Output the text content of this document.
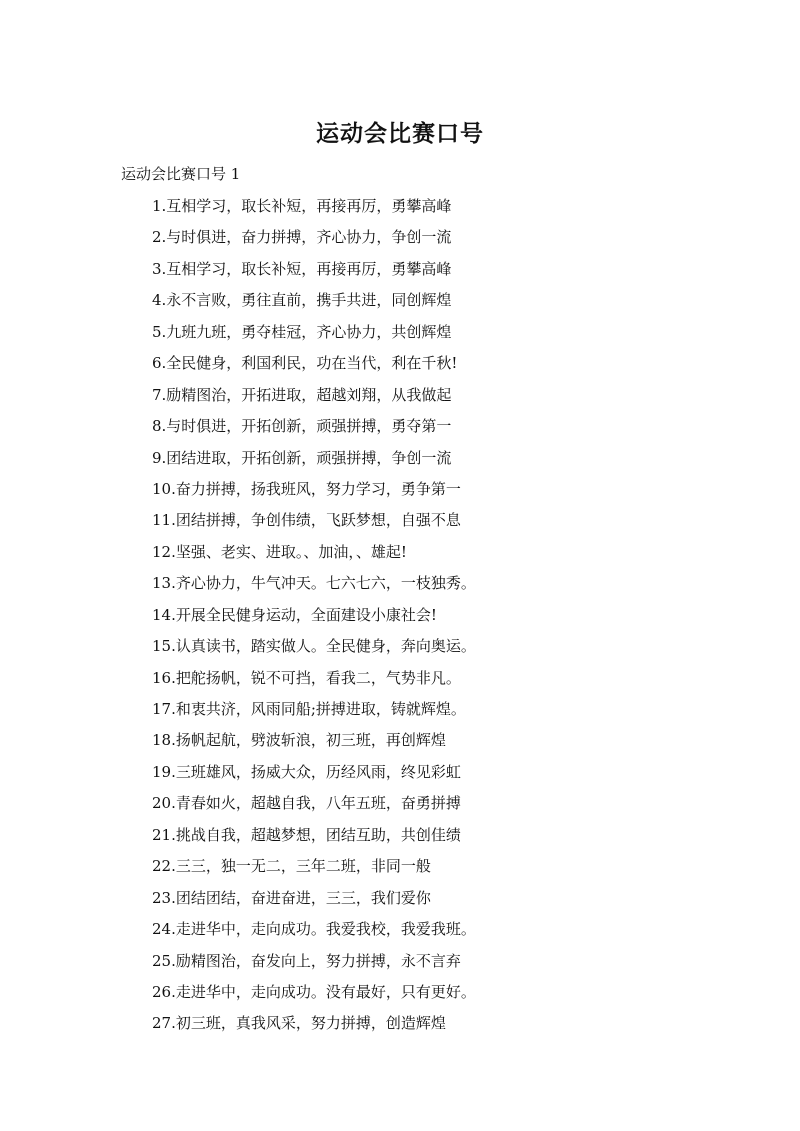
运动会比赛口号
运动会比赛口号 1
1.互相学习，取长补短，再接再厉，勇攀高峰
2.与时俱进，奋力拼搏，齐心协力，争创一流
3.互相学习，取长补短，再接再厉，勇攀高峰
4.永不言败，勇往直前，携手共进，同创辉煌
5.九班九班，勇夺桂冠，齐心协力，共创辉煌
6.全民健身，利国利民，功在当代，利在千秋!
7.励精图治，开拓进取，超越刘翔，从我做起
8.与时俱进，开拓创新，顽强拼搏，勇夺第一
9.团结进取，开拓创新，顽强拼搏，争创一流
10.奋力拼搏，扬我班风，努力学习，勇争第一
11.团结拼搏，争创伟绩，飞跃梦想，自强不息
12.坚强、老实、进取。、加油，、雄起!
13.齐心协力，牛气冲天。七六七六，一枝独秀。
14.开展全民健身运动，全面建设小康社会!
15.认真读书，踏实做人。全民健身，奔向奥运。
16.把舵扬帆，锐不可挡，看我二，气势非凡。
17.和衷共济，风雨同船;拼搏进取，铸就辉煌。
18.扬帆起航，劈波斩浪，初三班，再创辉煌
19.三班雄风，扬威大众，历经风雨，终见彩虹
20.青春如火，超越自我，八年五班，奋勇拼搏
21.挑战自我，超越梦想，团结互助，共创佳绩
22.三三，独一无二，三年二班，非同一般
23.团结团结，奋进奋进，三三，我们爱你
24.走进华中，走向成功。我爱我校，我爱我班。
25.励精图治，奋发向上，努力拼搏，永不言弃
26.走进华中，走向成功。没有最好，只有更好。
27.初三班，真我风采，努力拼搏，创造辉煌
